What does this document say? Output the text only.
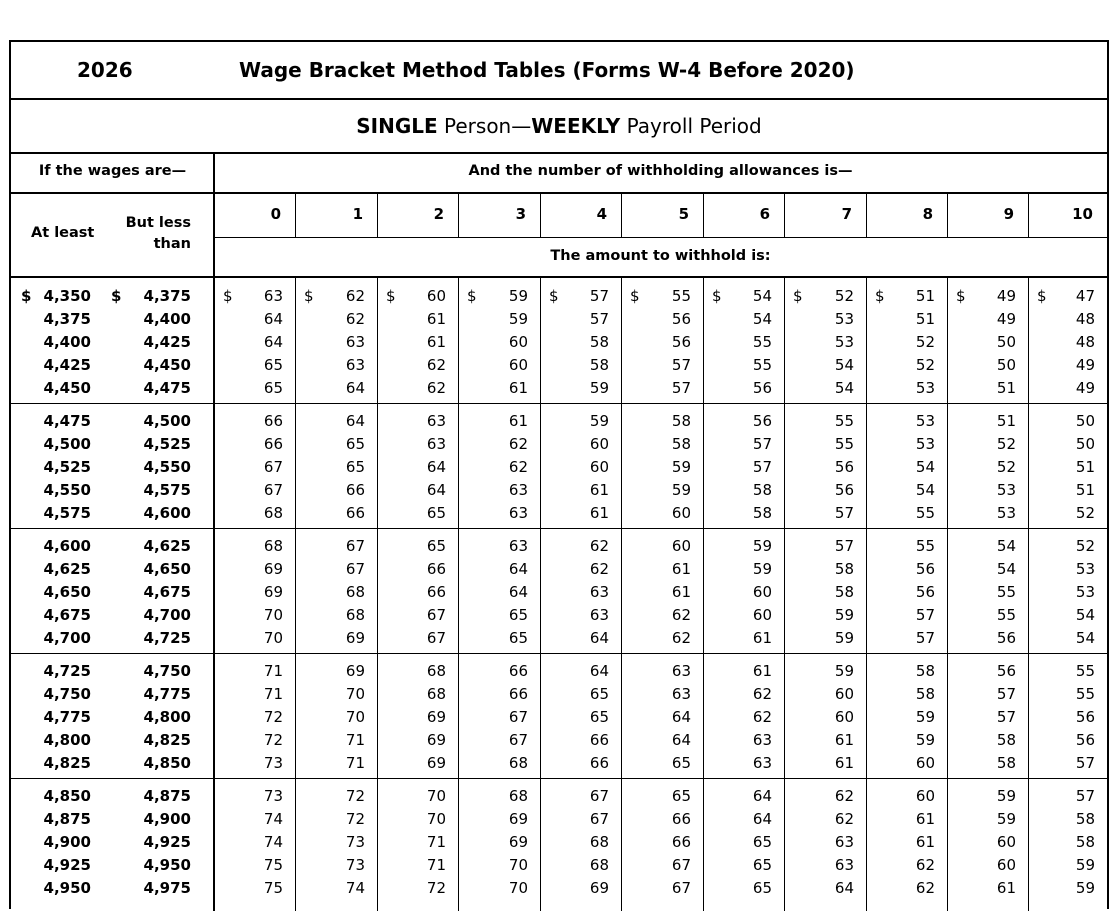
2026	Wage Bracket Method Tables (Forms W-4 Before 2020)
SINGLE Person—WEEKLY Payroll Period
If the wages are—	And the number of withholding allowances is—
At least
But less
than
The amount to withhold is:
0	1	2	3	4	5	6	7	8	9	10
$	$
4,350	4,375 $	63 $	62 $	60 $	59 $	57 $	55 $	54 $	52 $	51 $	49 $	47
4,375	4,400	64	62	61	59	57	56	54	53	51	49	48
4,400	4,425	64	63	61	60	58	56	55	53	52	50	48
4,425	4,450	65	63	62	60	58	57	55	54	52	50	49
4,450	4,475	65	64	62	61	59	57	56	54	53	51	49
4,475	4,500	66	64	63	61	59	58	56	55	53	51	50
4,500	4,525	66	65	63	62	60	58	57	55	53	52	50
4,525	4,550	67	65	64	62	60	59	57	56	54	52	51
4,550	4,575	67	66	64	63	61	59	58	56	54	53	51
4,575	4,600	68	66	65	63	61	60	58	57	55	53	52
4,600	4,625	68	67	65	63	62	60	59	57	55	54	52
4,625	4,650	69	67	66	64	62	61	59	58	56	54	53
4,650	4,675	69	68	66	64	63	61	60	58	56	55	53
4,675	4,700	70	68	67	65	63	62	60	59	57	55	54
4,700	4,725	70	69	67	65	64	62	61	59	57	56	54
4,725	4,750	71	69	68	66	64	63	61	59	58	56	55
4,750	4,775	71	70	68	66	65	63	62	60	58	57	55
4,775	4,800	72	70	69	67	65	64	62	60	59	57	56
4,800	4,825	72	71	69	67	66	64	63	61	59	58	56
4,825	4,850	73	71	69	68	66	65	63	61	60	58	57
4,850	4,875	73	72	70	68	67	65	64	62	60	59	57
4,875	4,900	74	72	70	69	67	66	64	62	61	59	58
4,900	4,925	74	73	71	69	68	66	65	63	61	60	58
4,925	4,950	75	73	71	70	68	67	65	63	62	60	59
4,950	4,975	75	74	72	70	69	67	65	64	62	61	59
